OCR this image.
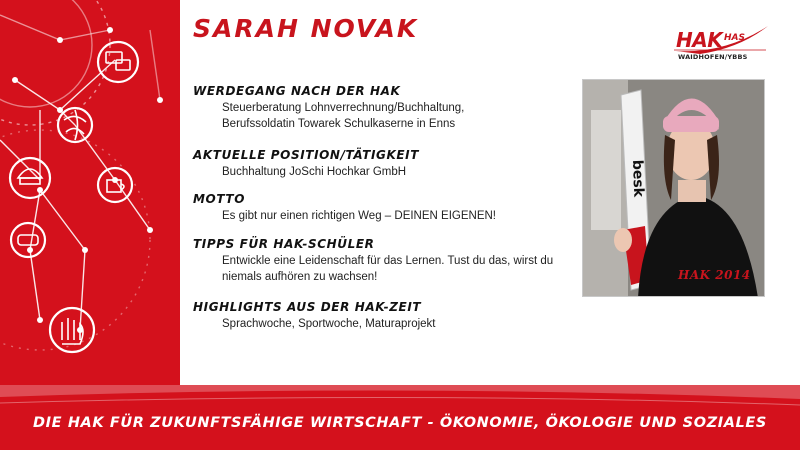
SARAH NOVAK	HAK HAS
WAIDHOFEN/YBBS
WERDEGANG NACH DER HAK
Steuerberatung Lohnverrechnung/Buchhaltung,
Berufssoldatin Towarek Schulkaserne in Enns
AKTUELLE POSITION/TÄTIGKEIT
Buchhaltung JoSchi Hochkar GmbH
MOTTO
Es gibt nur einen richtigen Weg – DEINEN EIGENEN!
TIPPS FÜR HAK-SCHÜLER
Entwickle eine Leidenschaft für das Lernen. Tust du das, wirst du
niemals aufhören zu wachsen!
HIGHLIGHTS AUS DER HAK-ZEIT
Sprachwoche, Sportwoche, Maturaprojekt
besk
HAK 2014
DIE HAK FÜR ZUKUNFTSFÄHIGE WIRTSCHAFT - ÖKONOMIE, ÖKOLOGIE UND SOZIALES
